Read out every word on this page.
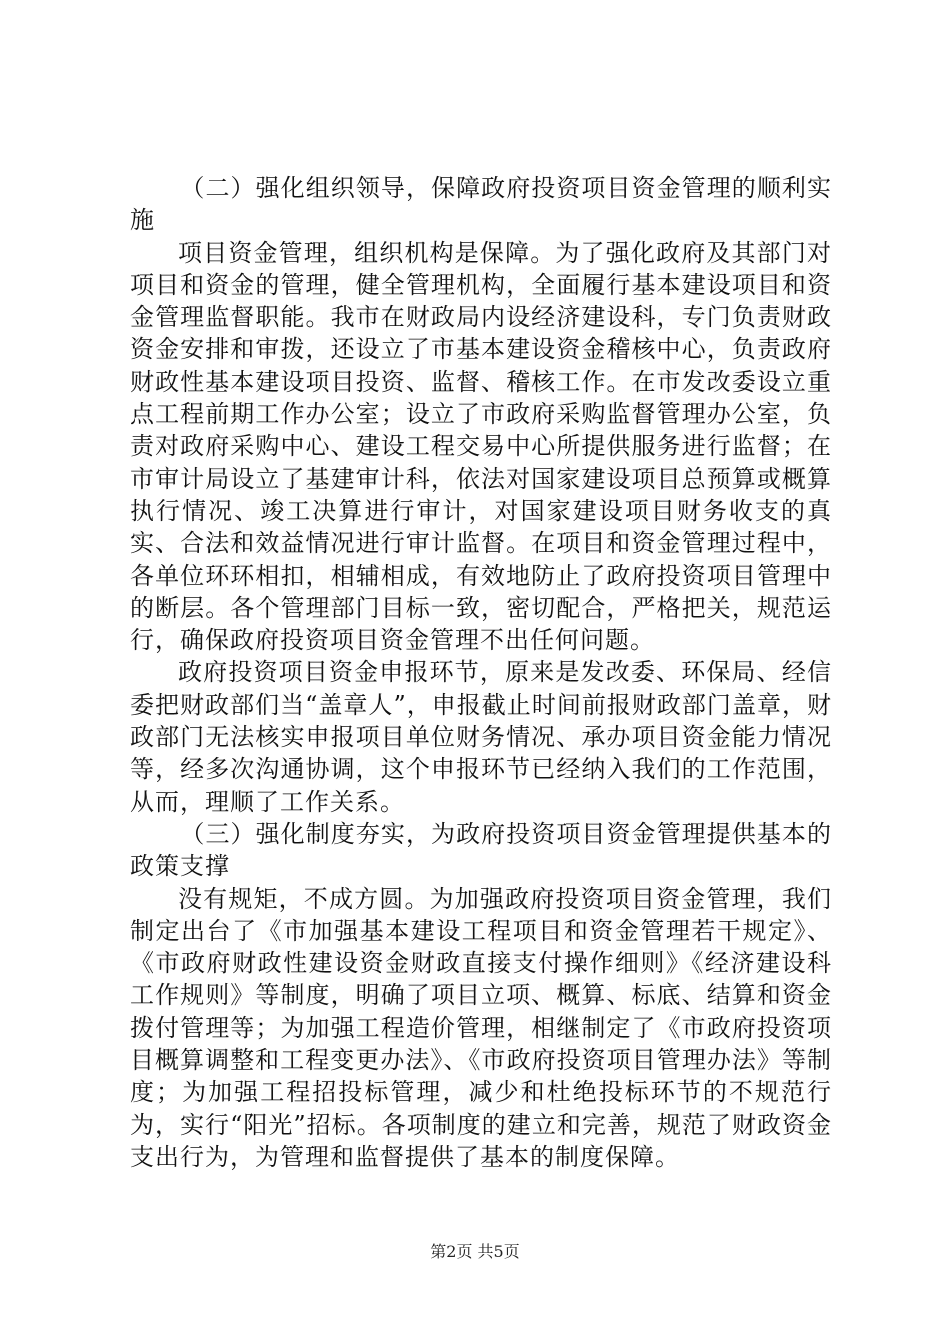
（二）强化组织领导，保障政府投资项目资金管理的顺利实施

项目资金管理，组织机构是保障。为了强化政府及其部门对项目和资金的管理，健全管理机构，全面履行基本建设项目和资金管理监督职能。我市在财政局内设经济建设科，专门负责财政资金安排和审拨，还设立了市基本建设资金稽核中心，负责政府财政性基本建设项目投资、监督、稽核工作。在市发改委设立重点工程前期工作办公室；设立了市政府采购监督管理办公室，负责对政府采购中心、建设工程交易中心所提供服务进行监督；在市审计局设立了基建审计科，依法对国家建设项目总预算或概算执行情况、竣工决算进行审计，对国家建设项目财务收支的真实、合法和效益情况进行审计监督。在项目和资金管理过程中，各单位环环相扣，相辅相成，有效地防止了政府投资项目管理中的断层。各个管理部门目标一致，密切配合，严格把关，规范运行，确保政府投资项目资金管理不出任何问题。

政府投资项目资金申报环节，原来是发改委、环保局、经信委把财政部们当“盖章人”，申报截止时间前报财政部门盖章，财政部门无法核实申报项目单位财务情况、承办项目资金能力情况等，经多次沟通协调，这个申报环节已经纳入我们的工作范围，从而，理顺了工作关系。

（三）强化制度夯实，为政府投资项目资金管理提供基本的政策支撑

没有规矩，不成方圆。为加强政府投资项目资金管理，我们制定出台了《市加强基本建设工程项目和资金管理若干规定》、《市政府财政性建设资金财政直接支付操作细则》《经济建设科工作规则》等制度，明确了项目立项、概算、标底、结算和资金拨付管理等；为加强工程造价管理，相继制定了《市政府投资项目概算调整和工程变更办法》、《市政府投资项目管理办法》等制度；为加强工程招投标管理，减少和杜绝投标环节的不规范行为，实行“阳光”招标。各项制度的建立和完善，规范了财政资金支出行为，为管理和监督提供了基本的制度保障。

第2页 共5页
